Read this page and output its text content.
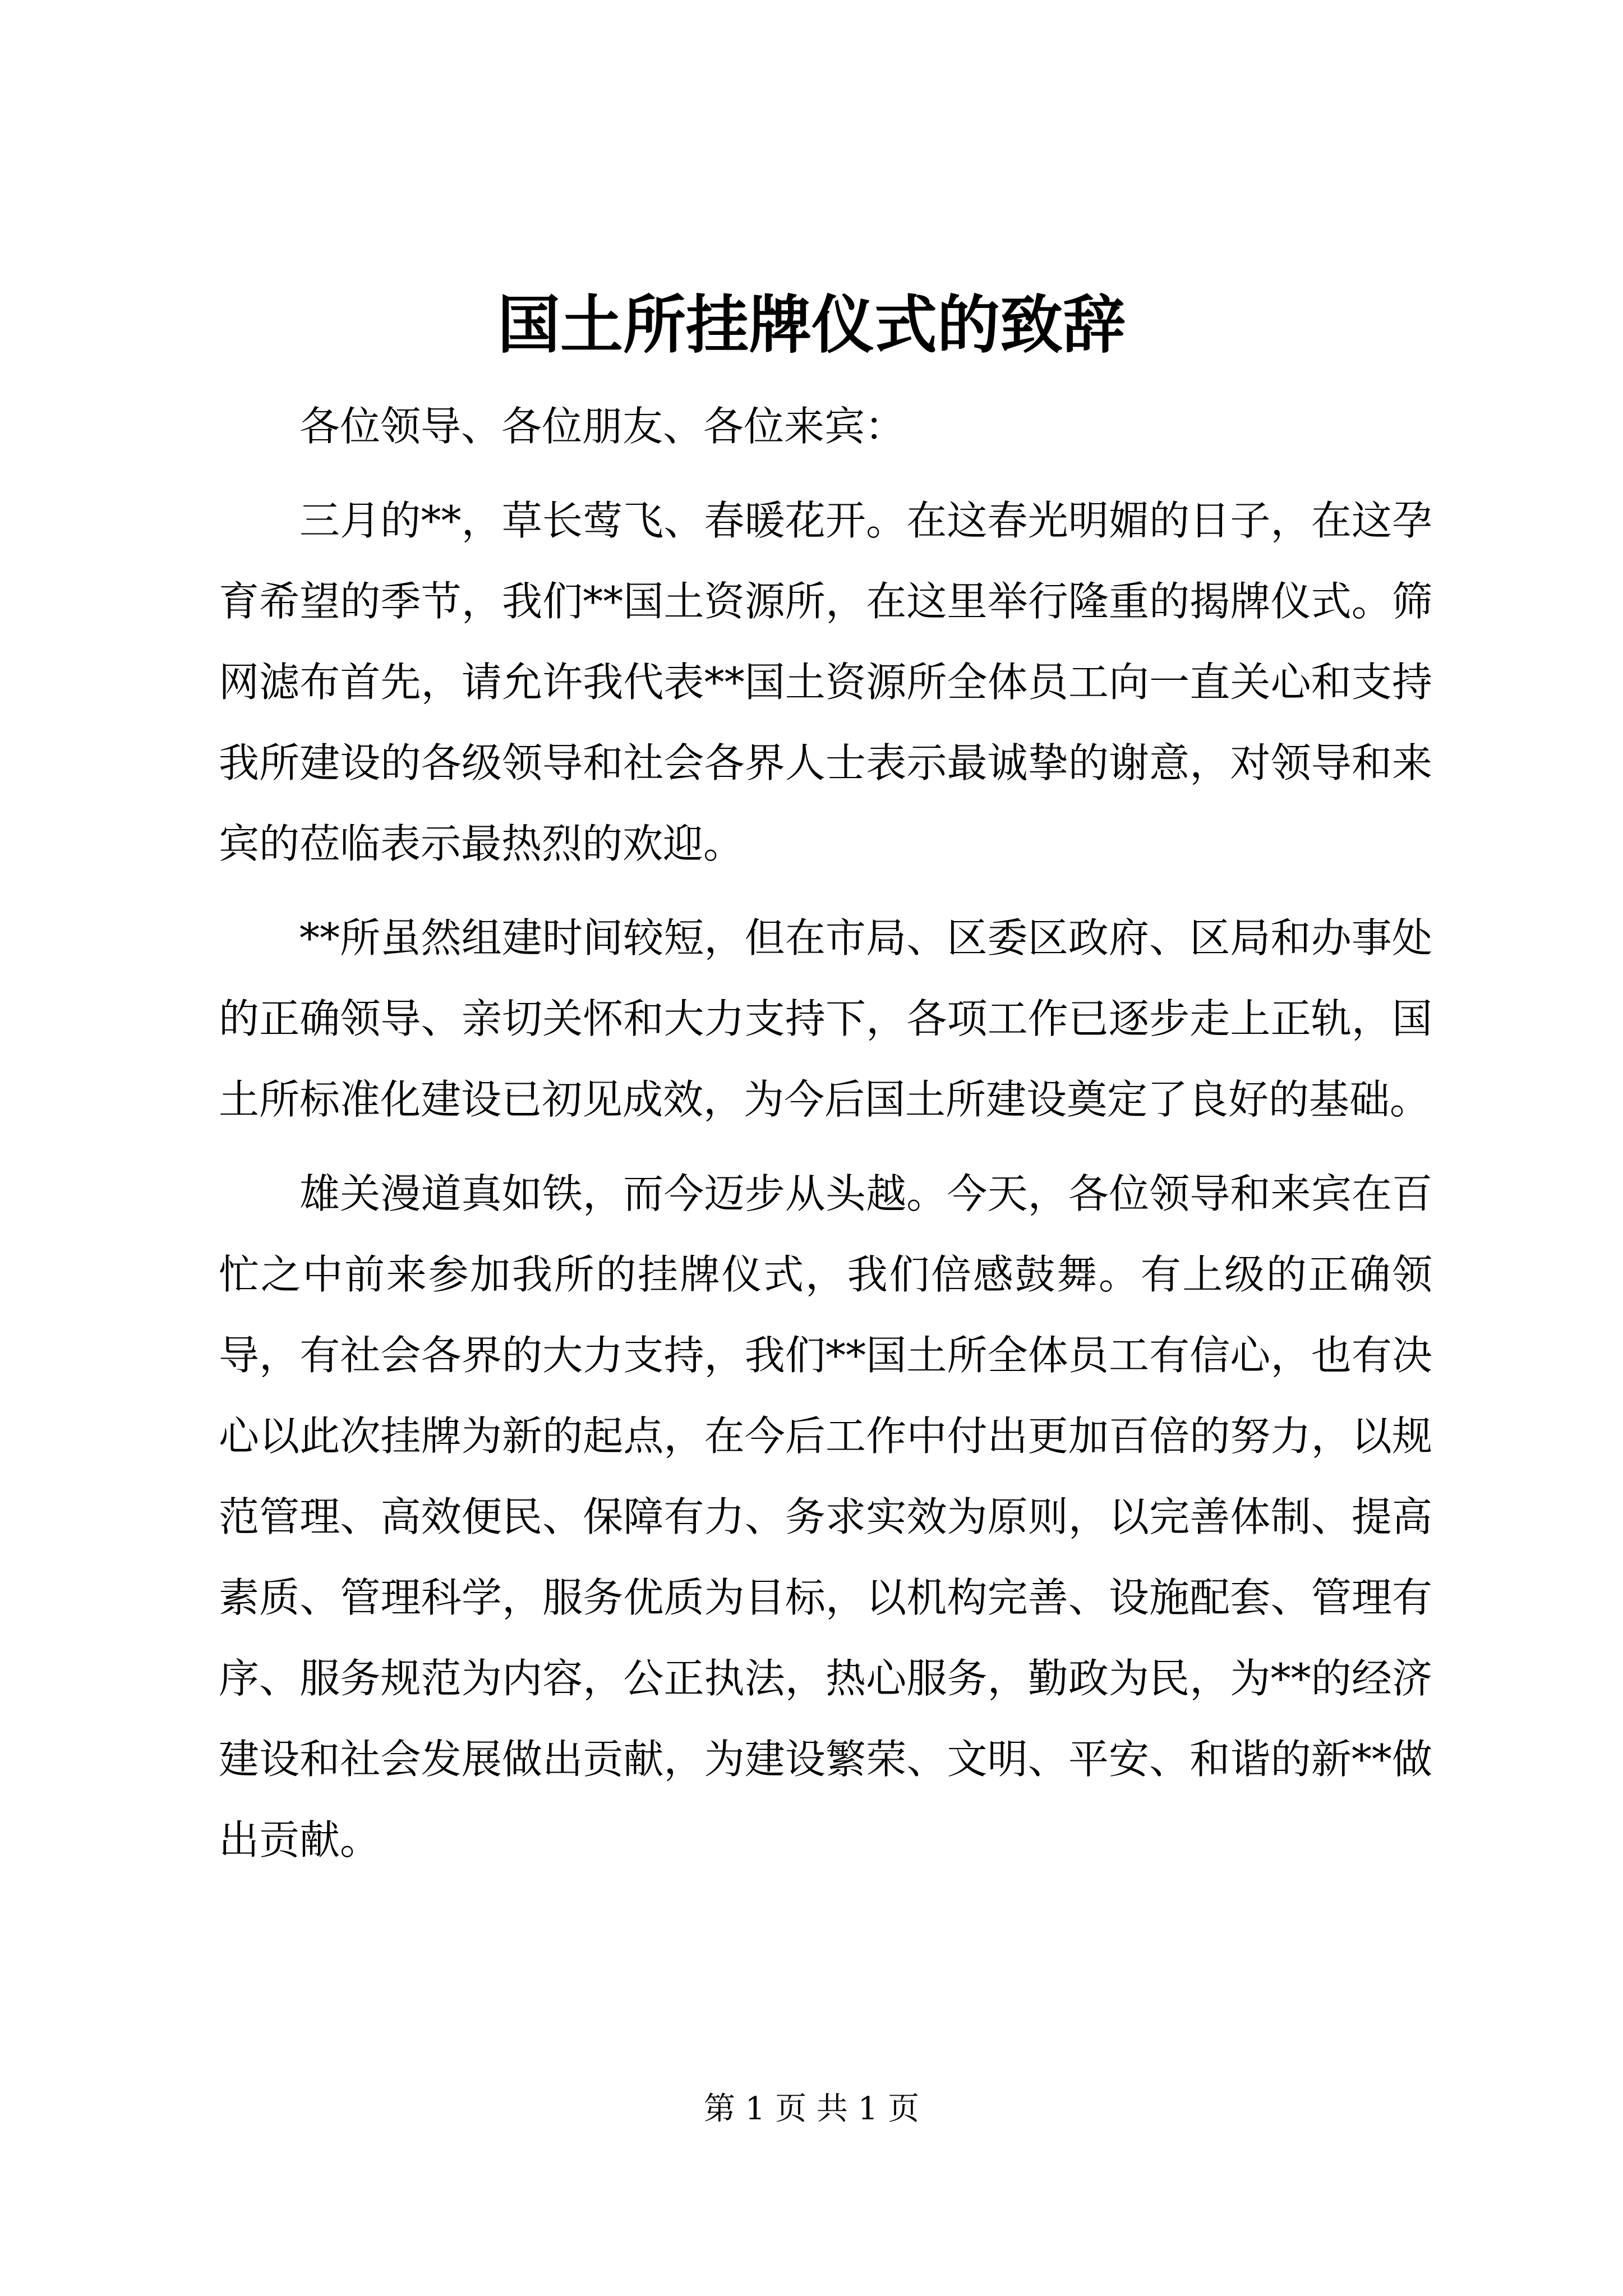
国土所挂牌仪式的致辞

各位领导、各位朋友、各位来宾：

三月的**，草长莺飞、春暖花开。在这春光明媚的日子，在这孕育希望的季节，我们**国土资源所，在这里举行隆重的揭牌仪式。筛网滤布首先，请允许我代表**国土资源所全体员工向一直关心和支持我所建设的各级领导和社会各界人士表示最诚挚的谢意，对领导和来宾的莅临表示最热烈的欢迎。

**所虽然组建时间较短，但在市局、区委区政府、区局和办事处的正确领导、亲切关怀和大力支持下，各项工作已逐步走上正轨，国土所标准化建设已初见成效，为今后国土所建设奠定了良好的基础。

雄关漫道真如铁，而今迈步从头越。今天，各位领导和来宾在百忙之中前来参加我所的挂牌仪式，我们倍感鼓舞。有上级的正确领导，有社会各界的大力支持，我们**国土所全体员工有信心，也有决心以此次挂牌为新的起点，在今后工作中付出更加百倍的努力，以规范管理、高效便民、保障有力、务求实效为原则，以完善体制、提高素质、管理科学，服务优质为目标，以机构完善、设施配套、管理有序、服务规范为内容，公正执法，热心服务，勤政为民，为**的经济建设和社会发展做出贡献，为建设繁荣、文明、平安、和谐的新**做出贡献。

第 1 页 共 1 页
